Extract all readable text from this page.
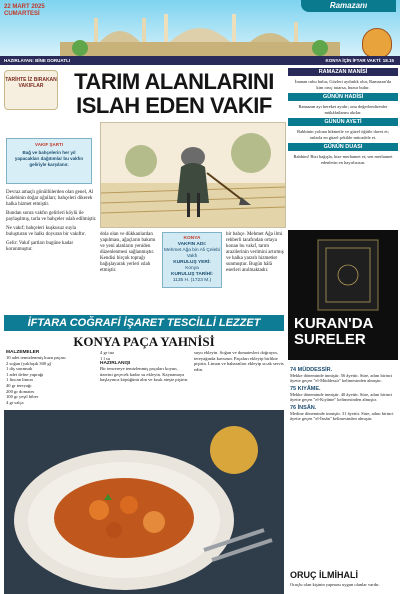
22 MART 2025
CUMARTESİ
Ramazanı
HAZIRLAYAN: BİNE DORUATLI	KONYA İÇİN İFTAR VAKTİ: 18.15
TARİHTE İZ BIRAKAN VAKIFLAR	TARIM ALANLARINI
ISLAH EDEN VAKIF
VAKIF ŞARTI
Bağ ve bahçelerin her yıl yapacakları dağıtımlar bu vakfın geliriyle karşılanır.

Devraz amaçlı gönüllülerden olan genel, Al Galebinin doğar oğulları; bahçeleri dikerek halka hizmet etmiştir.

Bundan sonra vakfın gelirleri köylü ile paylaşılmış, tarla ve bahçeler ıslah edilmiştir.

Ne vakıf; bahçeleri kuşkusuz suyla buluşturan ve halkı doyuran bir vakıftır.

Gelir: Vakıf şartları bugüne kadar korunmuştur.

dola olan ve dükkanlardan yapılması, ağaçların bakımı ve yeni alanların yeniden düzenlenmesi sağlanmıştır. Kendisi birçok toprağı bağışlayarak yerleri ıslah etmiştir.
KONYA
VAKFIN ADI:
Mehmet Ağa bin Ali Çelebi Vakfı
KURULUŞ YERİ:
Konya
KURULUŞ TARİHİ:
1135 H. (1723 M.)
bir bahçe. Mehmet Ağa ilmi rehberli tarafından ortaya konan bu vakıf, tarım arazilerinin verimini artırmış ve halka yararlı hizmetler sunmuştur. Bugün hâlâ eserleri anılmaktadır.
RAMAZAN MANİSİ
İnanan ruhu bulur, Gözleri aydınlık olur, Ramazan'da kim oruç tutarsa, huzur bulur.
GÜNÜN HADİSİ
Ramazan ayı bereket ayıdır; onu değerlendirenler mükâfatlarını alırlar.
GÜNÜN AYETİ
Rabbinin yoluna hikmetle ve güzel öğütle davet et; onlarla en güzel şekilde mücadele et.
GÜNÜN DUASI
Rabbim! Bizi bağışla, bize merhamet et; sen merhamet edenlerin en hayırlısısın.
KURAN'DA
SURELER
74 MÜDDESSİR.
Mekke döneminde inmiştir. 56 âyettir. Süre, adını birinci âyette geçen "el-Müddessir" kelimesinden almıştır.
75 KIYÂME.
Mekke döneminde inmiştir. 40 âyettir. Süre, adını birinci âyette geçen "el-Kıyâme" kelimesinden almıştır.
76 İNSÂN.
Medine döneminde inmiştir. 31 âyettir. Süre, adını birinci âyette geçen "el-İnsân" kelimesinden almıştır.
ORUÇ İLMİHALİ
Oruçlu olan kişinin yapması uygun olanlar vardır.
İFTARA COĞRAFİ İŞARET TESCİLLİ LEZZET
KONYA PAÇA YAHNİSİ
MALZEMELER
10 adet temizlenmiş kuzu paçası
2 soğan (yaklaşık 300 g)
1 diş sarımsak
1 adet defne yaprağı
1 fincan limon
40 gr tereyağı
200 gr domates
100 gr yeşil biber
4 gr salça
4 gr tuz
1 l su
HAZIRLANIŞI
Bir tencereye temizlenmiş paçaları koyun, üzerini geçecek kadar su ekleyin. Kaynamaya başlayınca köpüğünü alın ve kısık ateşte pişirin.
suyu ekleyin. Soğan ve domatesleri doğrayın, tereyağında kavurun. Paçaları ekleyip birlikte pişirin. Limon ve baharatları ekleyip sıcak servis edin.
